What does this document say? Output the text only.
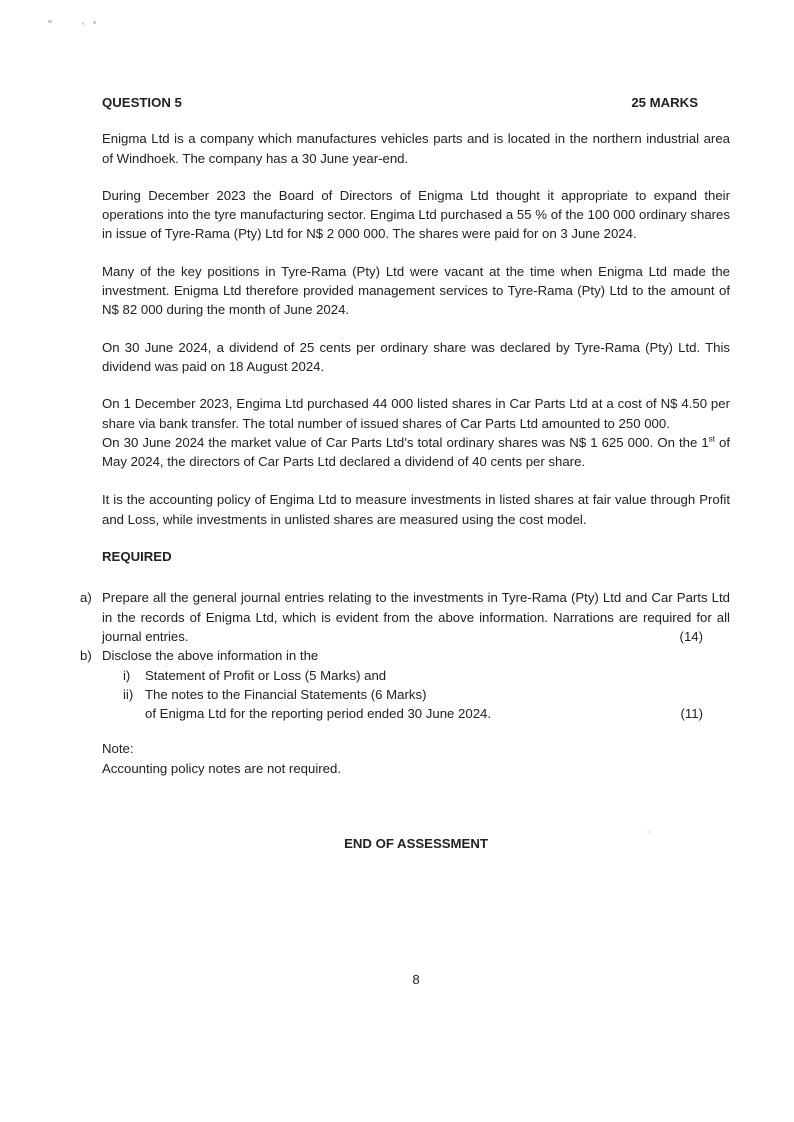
QUESTION 5	25 MARKS

Enigma Ltd is a company which manufactures vehicles parts and is located in the northern industrial area of Windhoek. The company has a 30 June year-end.

During December 2023 the Board of Directors of Enigma Ltd thought it appropriate to expand their operations into the tyre manufacturing sector. Engima Ltd purchased a 55 % of the 100 000 ordinary shares in issue of Tyre-Rama (Pty) Ltd for N$ 2 000 000. The shares were paid for on 3 June 2024.

Many of the key positions in Tyre-Rama (Pty) Ltd were vacant at the time when Enigma Ltd made the investment. Enigma Ltd therefore provided management services to Tyre-Rama (Pty) Ltd to the amount of N$ 82 000 during the month of June 2024.

On 30 June 2024, a dividend of 25 cents per ordinary share was declared by Tyre-Rama (Pty) Ltd. This dividend was paid on 18 August 2024.

On 1 December 2023, Engima Ltd purchased 44 000 listed shares in Car Parts Ltd at a cost of N$ 4.50 per share via bank transfer. The total number of issued shares of Car Parts Ltd amounted to 250 000.
On 30 June 2024 the market value of Car Parts Ltd’s total ordinary shares was N$ 1 625 000. On the 1st of May 2024, the directors of Car Parts Ltd declared a dividend of 40 cents per share.

It is the accounting policy of Engima Ltd to measure investments in listed shares at fair value through Profit and Loss, while investments in unlisted shares are measured using the cost model.

REQUIRED
a) Prepare all the general journal entries relating to the investments in Tyre-Rama (Pty) Ltd and Car Parts Ltd in the records of Enigma Ltd, which is evident from the above information. Narrations are required for all journal entries.	(14)
b) Disclose the above information in the
i) Statement of Profit or Loss (5 Marks) and
ii) The notes to the Financial Statements (6 Marks)
of Enigma Ltd for the reporting period ended 30 June 2024.	(11)
Note:
Accounting policy notes are not required.
END OF ASSESSMENT
8
